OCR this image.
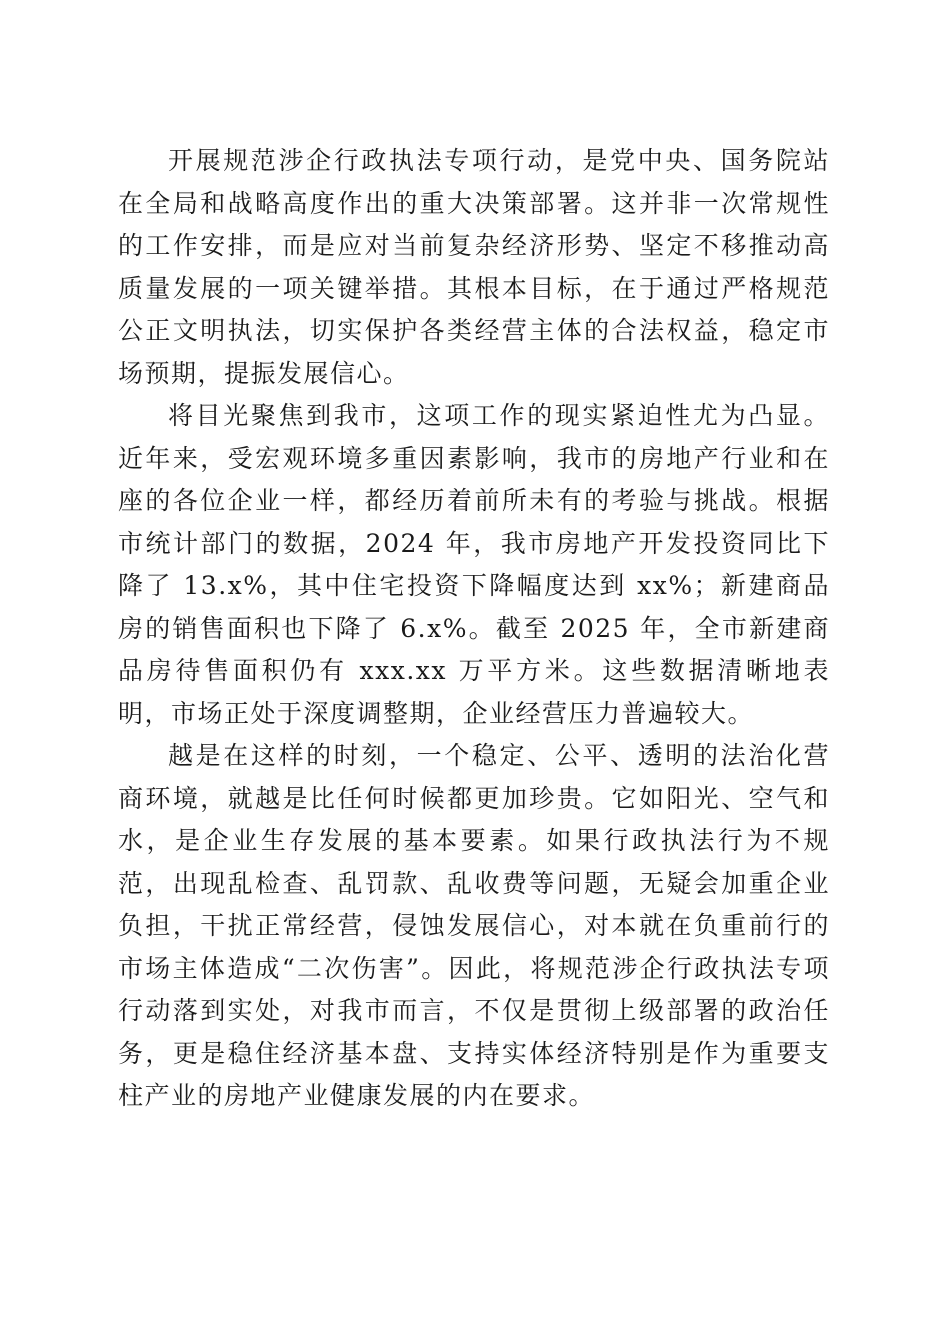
开展规范涉企行政执法专项行动，是党中央、国务院站在全局和战略高度作出的重大决策部署。这并非一次常规性的工作安排，而是应对当前复杂经济形势、坚定不移推动高质量发展的一项关键举措。其根本目标，在于通过严格规范公正文明执法，切实保护各类经营主体的合法权益，稳定市场预期，提振发展信心。

将目光聚焦到我市，这项工作的现实紧迫性尤为凸显。近年来，受宏观环境多重因素影响，我市的房地产行业和在座的各位企业一样，都经历着前所未有的考验与挑战。根据市统计部门的数据，2024 年，我市房地产开发投资同比下降了 13.x%，其中住宅投资下降幅度达到 xx%；新建商品房的销售面积也下降了 6.x%。截至 2025 年，全市新建商品房待售面积仍有 xxx.xx 万平方米。这些数据清晰地表明，市场正处于深度调整期，企业经营压力普遍较大。

越是在这样的时刻，一个稳定、公平、透明的法治化营商环境，就越是比任何时候都更加珍贵。它如阳光、空气和水，是企业生存发展的基本要素。如果行政执法行为不规范，出现乱检查、乱罚款、乱收费等问题，无疑会加重企业负担，干扰正常经营，侵蚀发展信心，对本就在负重前行的市场主体造成“二次伤害”。因此，将规范涉企行政执法专项行动落到实处，对我市而言，不仅是贯彻上级部署的政治任务，更是稳住经济基本盘、支持实体经济特别是作为重要支柱产业的房地产业健康发展的内在要求。
